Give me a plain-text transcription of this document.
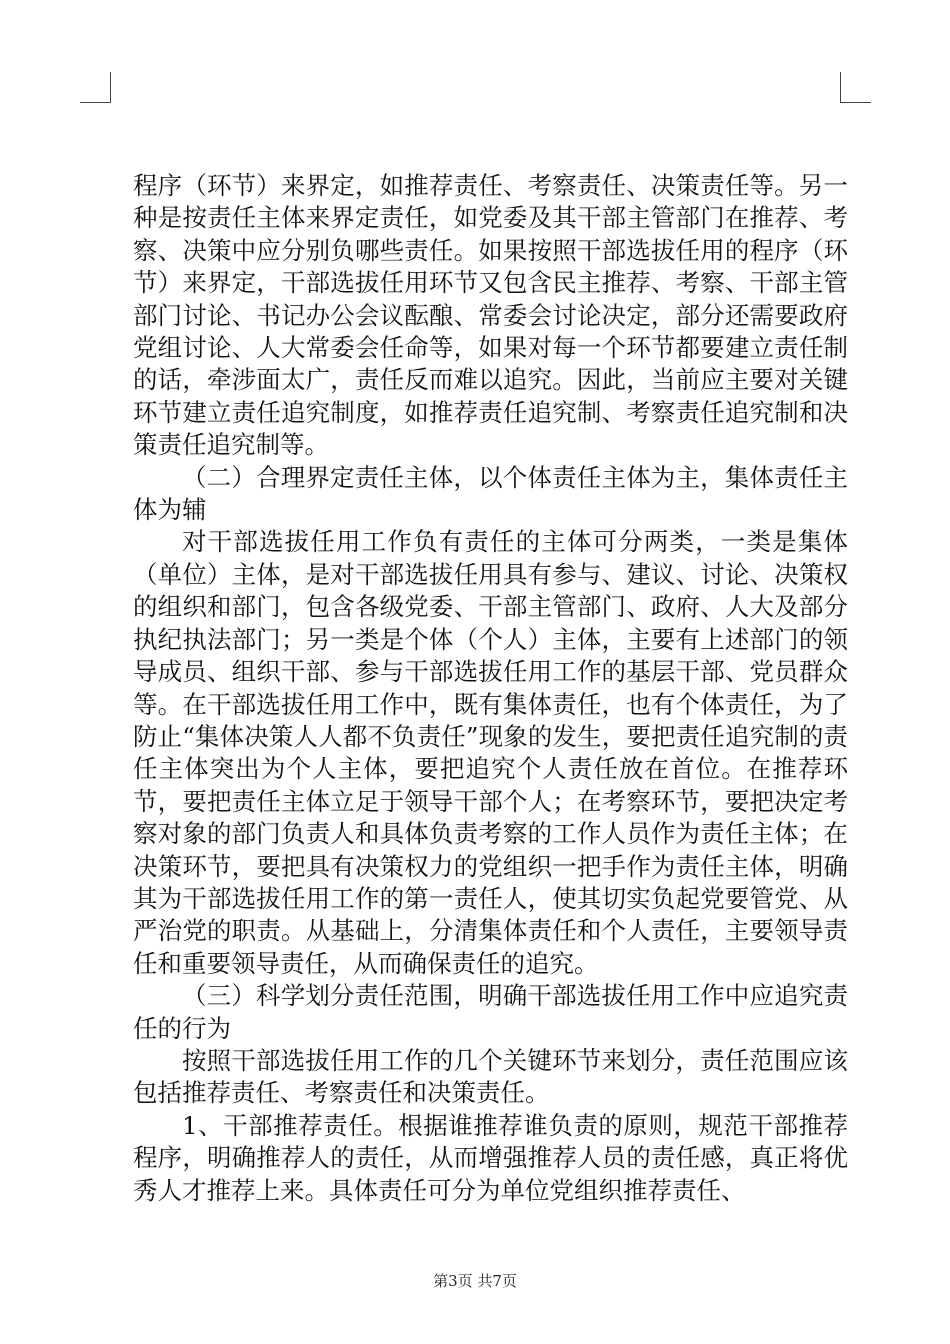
程序（环节）来界定，如推荐责任、考察责任、决策责任等。另一种是按责任主体来界定责任，如党委及其干部主管部门在推荐、考察、决策中应分别负哪些责任。如果按照干部选拔任用的程序（环节）来界定，干部选拔任用环节又包含民主推荐、考察、干部主管部门讨论、书记办公会议酝酿、常委会讨论决定，部分还需要政府党组讨论、人大常委会任命等，如果对每一个环节都要建立责任制的话，牵涉面太广，责任反而难以追究。因此，当前应主要对关键环节建立责任追究制度，如推荐责任追究制、考察责任追究制和决策责任追究制等。

（二）合理界定责任主体，以个体责任主体为主，集体责任主体为辅

对干部选拔任用工作负有责任的主体可分两类，一类是集体（单位）主体，是对干部选拔任用具有参与、建议、讨论、决策权的组织和部门，包含各级党委、干部主管部门、政府、人大及部分执纪执法部门；另一类是个体（个人）主体，主要有上述部门的领导成员、组织干部、参与干部选拔任用工作的基层干部、党员群众等。在干部选拔任用工作中，既有集体责任，也有个体责任，为了防止“集体决策人人都不负责任”现象的发生，要把责任追究制的责任主体突出为个人主体，要把追究个人责任放在首位。在推荐环节，要把责任主体立足于领导干部个人；在考察环节，要把决定考察对象的部门负责人和具体负责考察的工作人员作为责任主体；在决策环节，要把具有决策权力的党组织一把手作为责任主体，明确其为干部选拔任用工作的第一责任人，使其切实负起党要管党、从严治党的职责。从基础上，分清集体责任和个人责任，主要领导责任和重要领导责任，从而确保责任的追究。

（三）科学划分责任范围，明确干部选拔任用工作中应追究责任的行为

按照干部选拔任用工作的几个关键环节来划分，责任范围应该包括推荐责任、考察责任和决策责任。

1、干部推荐责任。根据谁推荐谁负责的原则，规范干部推荐程序，明确推荐人的责任，从而增强推荐人员的责任感，真正将优秀人才推荐上来。具体责任可分为单位党组织推荐责任、

第3页 共7页
